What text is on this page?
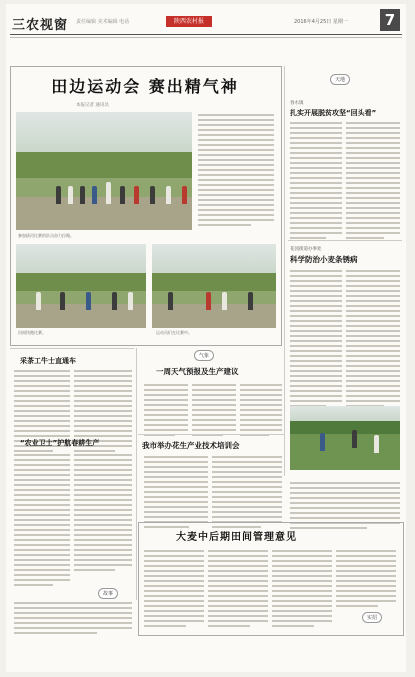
三农视窗 责任编辑 美术编辑 电话	陕西农村报	2016年4月25日 星期一	7
田边运动会 赛出精气神
本报记者 通讯员
参加拔河比赛的队员奋力拉绳。
田间快跑比赛。	运动员们在比赛中。
天地
春水镇
扎实开展脱贫攻坚“回头看”
花园街道办事处
科学防治小麦条锈病
采茶工牛士直通车
“农业卫士”护航春耕生产
故事
气象
一周天气预报及生产建议
我市举办花生产业技术培训会
大麦中后期田间管理意见
实招
